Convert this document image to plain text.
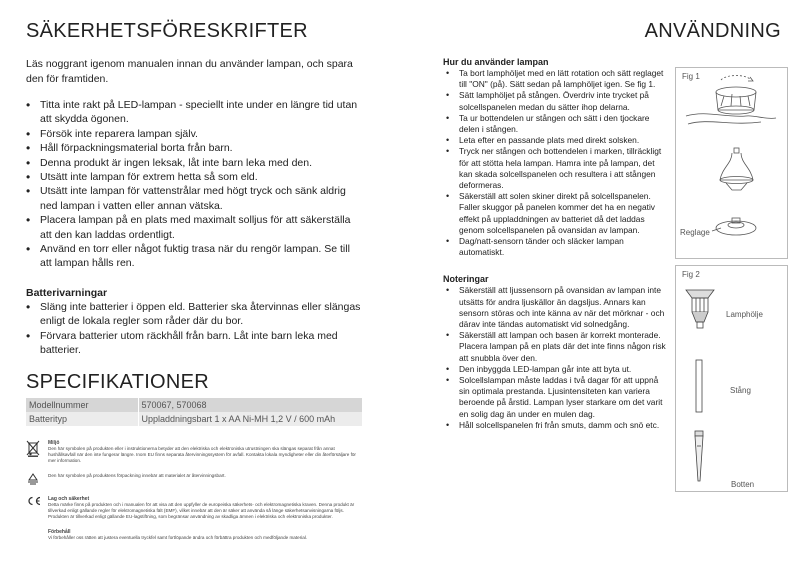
SÄKERHETSFÖRESKRIFTER

Läs noggrant igenom manualen innan du använder lampan, och spara den för framtiden.

• Titta inte rakt på LED-lampan - speciellt inte under en längre tid utan att skydda ögonen.
• Försök inte reparera lampan själv.
• Håll förpackningsmaterial borta från barn.
• Denna produkt är ingen leksak, låt inte barn leka med den.
• Utsätt inte lampan för extrem hetta så som eld.
• Utsätt inte lampan för vattenstrålar med högt tryck och sänk aldrig ned lampan i vatten eller annan vätska.
• Placera lampan på en plats med maximalt solljus för att säkerställa att den kan laddas ordentligt.
• Använd en torr eller något fuktig trasa när du rengör lampan. Se till att lampan hålls ren.
Batterivarningar
• Släng inte batterier i öppen eld. Batterier ska återvinnas eller slängas enligt de lokala regler som råder där du bor.
• Förvara batterier utom räckhåll från barn. Låt inte barn leka med batterier.
SPECIFIKATIONER
Modellnummer	570067, 570068
Batterityp	Uppladdningsbart 1 x AA Ni-MH 1,2 V / 600 mAh
Miljö
Den här symbolen på produkten eller i instruktionerna betyder att den elektriska och elektroniska utrustningen ska slängas separat från annat hushållsavfall när den inte fungerar längre. Inom EU finns separata återvinningssystem för avfall. Kontakta lokala myndigheter eller din återförsäljare för mer information.
Den här symbolen på produktens förpackning innebär att materialet är återvinningsbart.
Lag och säkerhet
Detta märke finns på produkten och i manualen för att visa att den uppfyller de europeiska säkerhets- och elektromagnetiska kraven. Denna produkt är tillverkad enligt gällande regler för elektromagnetiska fält (EMF), vilket innebär att den är säker att använda så länge säkerhetsanvisningarna följs. Produkten är tillverkad enligt gällande EU-lagstiftning, som begränsar användning av skadliga ämnen i elektriska och elektroniska produkter.
Förbehåll
Vi förbehåller oss rätten att justera eventuella tryckfel samt fortlöpande ändra och förbättra produkten och medföljande material.
ANVÄNDNING
Hur du använder lampan
• Ta bort lamphöljet med en lätt rotation och sätt reglaget till "ON" (på). Sätt sedan på lamphöljet igen. Se fig 1.
• Sätt lamphöljet på stången. Överdriv inte trycket på solcellspanelen medan du sätter ihop delarna.
• Ta ur bottendelen ur stången och sätt i den tjockare delen i stången.
• Leta efter en passande plats med direkt solsken.
• Tryck ner stången och bottendelen i marken, tillräckligt för att stötta hela lampan. Hamra inte på lampan, det kan skada solcellspanelen och resultera i att stången deformeras.
• Säkerställ att solen skiner direkt på solcellspanelen. Faller skuggor på panelen kommer det ha en negativ effekt på uppladdningen av batteriet då det laddas genom solcellspanelen på ovansidan av lampan.
• Dag/natt-sensorn tänder och släcker lampan automatiskt.
Noteringar
• Säkerställ att ljussensorn på ovansidan av lampan inte utsätts för andra ljuskällor än dagsljus. Annars kan sensorn störas och inte känna av när det mörknar - och därav inte tändas automatiskt vid solnedgång.
• Säkerställ att lampan och basen är korrekt monterade. Placera lampan på en plats där det inte finns någon risk att snubbla över den.
• Den inbyggda LED-lampan går inte att byta ut.
• Solcellslampan måste laddas i två dagar för att uppnå sin optimala prestanda. Ljusintensiteten kan variera beroende på årstid. Lampan lyser starkare om det varit en solig dag än under en mulen dag.
• Håll solcellspanelen fri från smuts, damm och snö etc.
Fig 1
Reglage
Fig 2
Lamphölje
Stång
Botten
